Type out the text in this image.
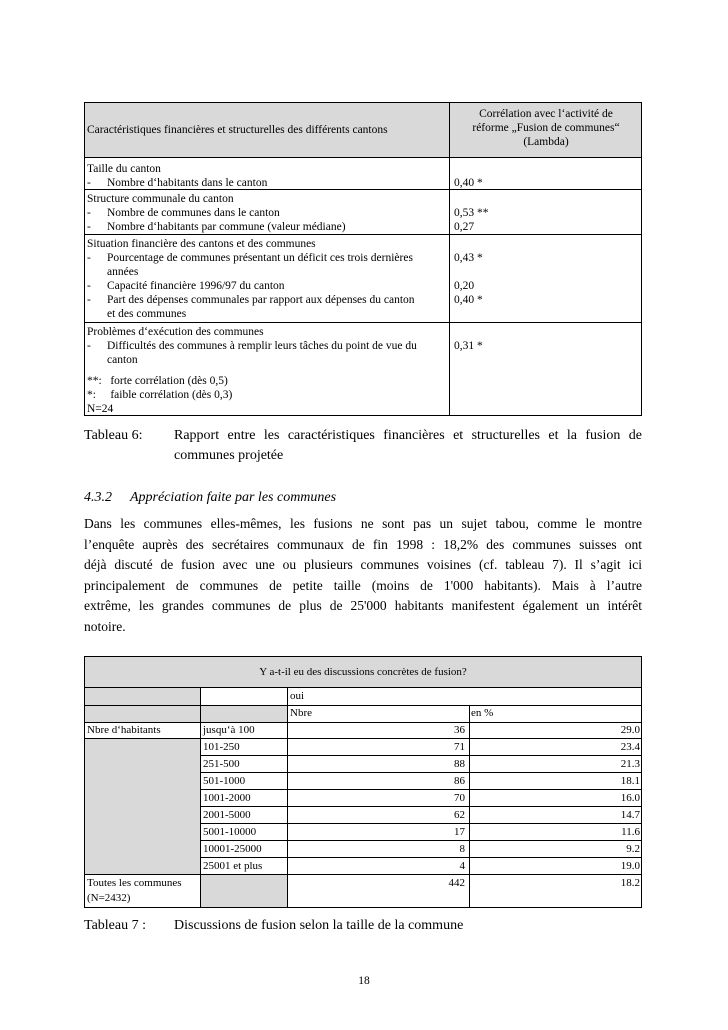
Caractéristiques financières et structurelles des différents cantons
Corrélation avec l‘activité de
réforme „Fusion de communes“
(Lambda)
Taille du canton
- Nombre d‘habitants dans le canton	0,40 *
Structure communale du canton
- Nombre de communes dans le canton	0,53 **
- Nombre d‘habitants par commune (valeur médiane)	0,27
Situation financière des cantons et des communes
- Pourcentage de communes présentant un déficit ces trois dernières	0,43 *
années
- Capacité financière 1996/97 du canton	0,20
- Part des dépenses communales par rapport aux dépenses du canton	0,40 *
et des communes
Problèmes d‘exécution des communes
- Difficultés des communes à remplir leurs tâches du point de vue du	0,31 *
canton
**:   forte corrélation (dès 0,5)
*:     faible corrélation (dès 0,3)
N=24
Tableau 6: Rapport entre les caractéristiques financières et structurelles et la fusion de
communes projetée
4.3.2 Appréciation faite par les communes
Dans les communes elles-mêmes, les fusions ne sont pas un sujet tabou, comme le montre
l’enquête auprès des secrétaires communaux de fin 1998 : 18,2% des communes suisses ont
déjà discuté de fusion avec une ou plusieurs communes voisines (cf. tableau 7). Il s’agit ici
principalement de communes de petite taille (moins de 1'000 habitants). Mais à l’autre
extrême, les grandes communes de plus de 25'000 habitants manifestent également un intérêt
notoire.
Y a-t-il eu des discussions concrètes de fusion?
oui
Nbre	en %
Nbre d‘habitants	jusqu‘à 100	36	29.0
101-250	71	23.4
251-500	88	21.3
501-1000	86	18.1
1001-2000	70	16.0
2001-5000	62	14.7
5001-10000	17	11.6
10001-25000	8	9.2
25001 et plus	4	19.0
Toutes les communes
(N=2432)
442	18.2
Tableau 7 : Discussions de fusion selon la taille de la commune
18
